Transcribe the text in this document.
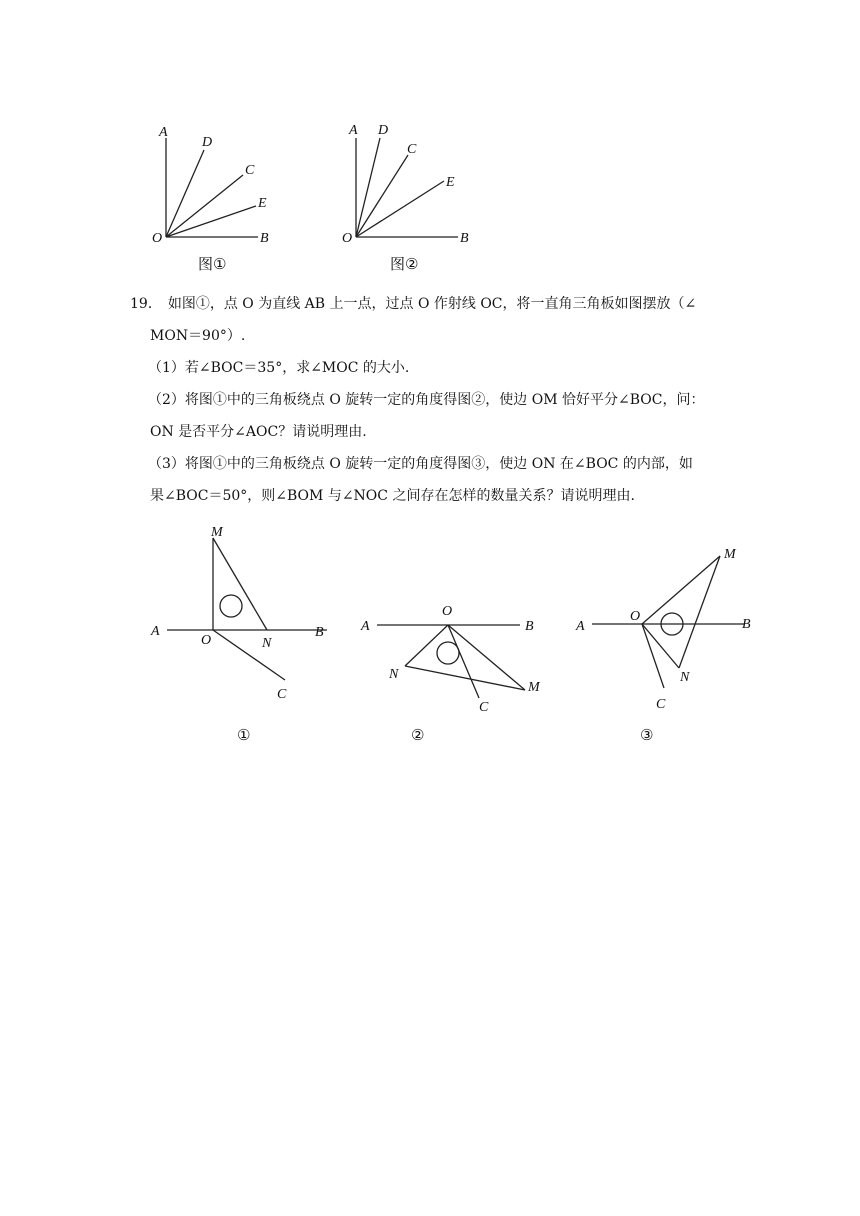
A
D
C
E
O	B
图①
A D
C
E
O	B
图②

19． 如图①，点 O 为直线 AB 上一点，过点 O 作射线 OC，将一直角三角板如图摆放（∠

MON＝90°）.

（1）若∠BOC＝35°，求∠MOC 的大小.

（2）将图①中的三角板绕点 O 旋转一定的角度得图②，使边 OM 恰好平分∠BOC，问：

ON 是否平分∠AOC？请说明理由.

（3）将图①中的三角板绕点 O 旋转一定的角度得图③，使边 ON 在∠BOC 的内部，如

果∠BOC＝50°，则∠BOM 与∠NOC 之间存在怎样的数量关系？请说明理由.

M
A
O	N
B
C
①
A
O
B
N
M
C
②
M
A
O
B
N
C
③
